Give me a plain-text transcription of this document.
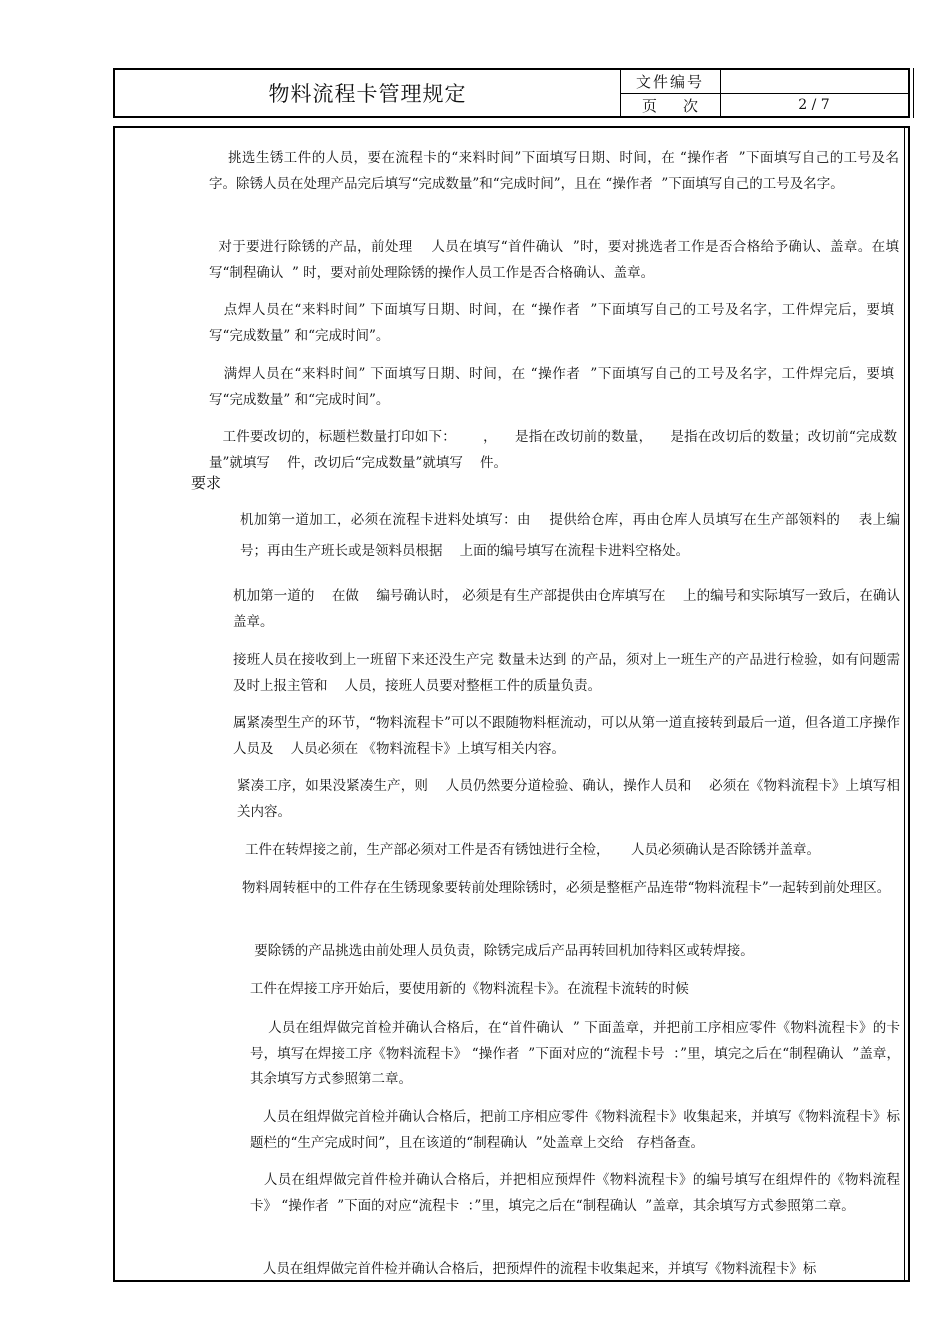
物料流程卡管理规定	文件编号
页 次	2 / 7
要求
挑选生锈工件的人员，要在流程卡的“来料时间”下面填写日期、时间，在 “操作者  ”下面填写自己的工号及名字。除锈人员在处理产品完后填写“完成数量”和“完成时间”，且在 “操作者  ”下面填写自己的工号及名字。
对于要进行除锈的产品，前处理    人员在填写“首件确认  ”时，要对挑选者工作是否合格给予确认、盖章。在填写“制程确认  ” 时，要对前处理除锈的操作人员工作是否合格确认、盖章。
点焊人员在“来料时间” 下面填写日期、时间，在 “操作者  ”下面填写自己的工号及名字，工件焊完后，要填写“完成数量” 和“完成时间”。
满焊人员在“来料时间” 下面填写日期、时间，在 “操作者  ”下面填写自己的工号及名字，工件焊完后，要填写“完成数量” 和“完成时间”。
工件要改切的，标题栏数量打印如下：      ，    是指在改切前的数量，    是指在改切后的数量；改切前“完成数量”就填写    件，改切后“完成数量”就填写    件。
机加第一道加工，必须在流程卡进料处填写：由    提供给仓库，再由仓库人员填写在生产部领料的    表上编号；再由生产班长或是领料员根据    上面的编号填写在流程卡进料空格处。
机加第一道的    在做    编号确认时， 必须是有生产部提供由仓库填写在    上的编号和实际填写一致后，在确认盖章。
接班人员在接收到上一班留下来还没生产完 数量未达到 的产品，须对上一班生产的产品进行检验，如有问题需及时上报主管和    人员，接班人员要对整框工件的质量负责。
属紧凑型生产的环节，“物料流程卡”可以不跟随物料框流动，可以从第一道直接转到最后一道，但各道工序操作人员及    人员必须在 《物料流程卡》上填写相关内容。
紧凑工序，如果没紧凑生产，则    人员仍然要分道检验、确认，操作人员和    必须在《物料流程卡》上填写相关内容。
工件在转焊接之前，生产部必须对工件是否有锈蚀进行全检，     人员必须确认是否除锈并盖章。
物料周转框中的工件存在生锈现象要转前处理除锈时，必须是整框产品连带“物料流程卡”一起转到前处理区。
要除锈的产品挑选由前处理人员负责，除锈完成后产品再转回机加待料区或转焊接。
工件在焊接工序开始后，要使用新的《物料流程卡》。在流程卡流转的时候
人员在组焊做完首检并确认合格后，在“首件确认  ” 下面盖章，并把前工序相应零件《物料流程卡》的卡号，填写在焊接工序《物料流程卡》 “操作者  ”下面对应的“流程卡号  ：”里，填完之后在“制程确认  ”盖章，其余填写方式参照第二章。
人员在组焊做完首检并确认合格后，把前工序相应零件《物料流程卡》收集起来，并填写《物料流程卡》标题栏的“生产完成时间”，且在该道的“制程确认  ”处盖章上交给   存档备查。
人员在组焊做完首件检并确认合格后，并把相应预焊件《物料流程卡》的编号填写在组焊件的《物料流程卡》 “操作者  ”下面的对应“流程卡  ：”里，填完之后在“制程确认  ”盖章，其余填写方式参照第二章。
人员在组焊做完首件检并确认合格后，把预焊件的流程卡收集起来，并填写《物料流程卡》标
